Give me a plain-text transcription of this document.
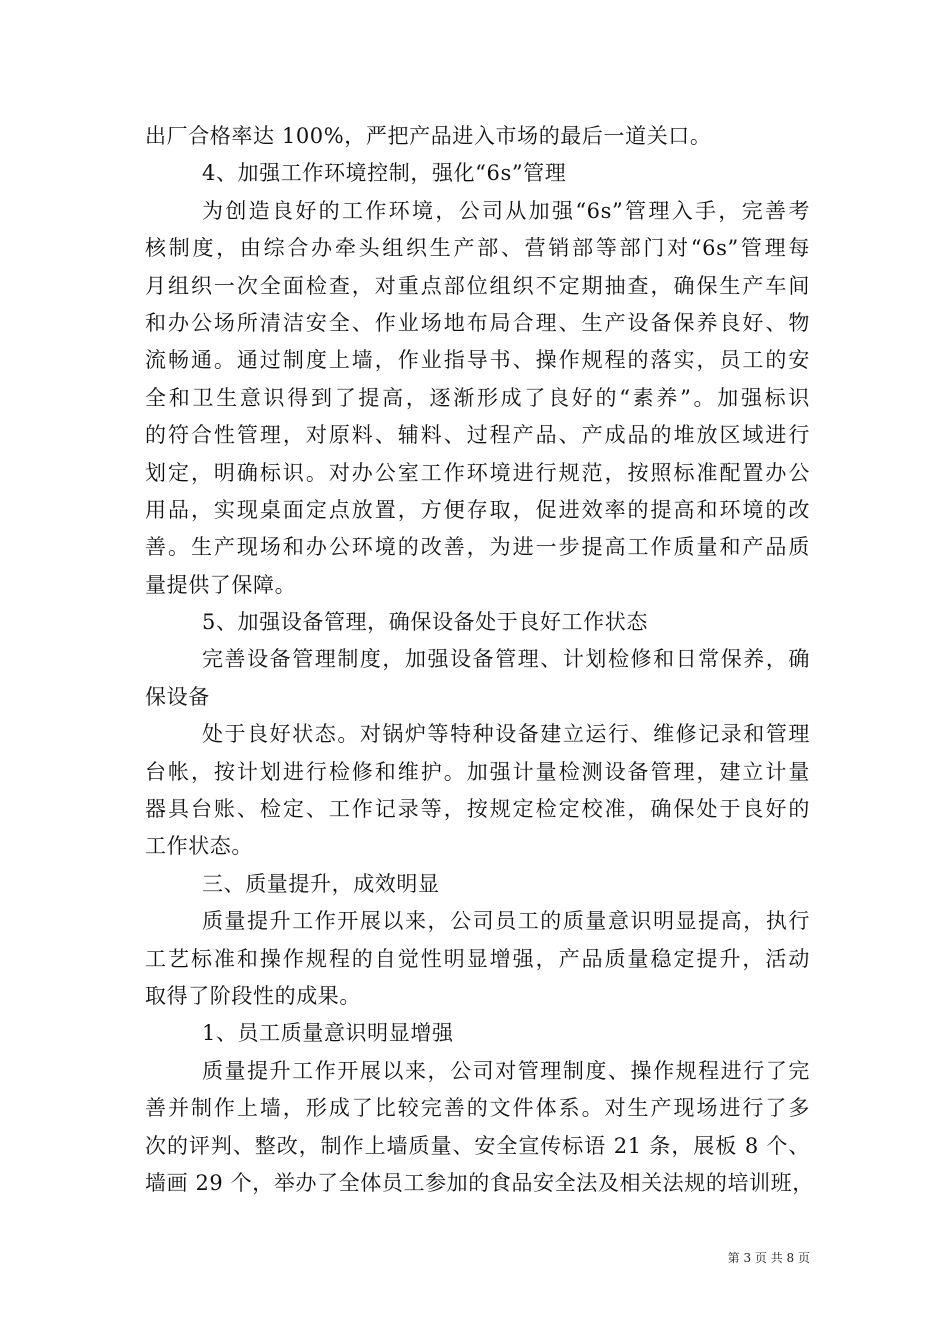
出厂合格率达 100%，严把产品进入市场的最后一道关口。
4、加强工作环境控制，强化“6s”管理
为创造良好的工作环境，公司从加强“6s”管理入手，完善考
核制度，由综合办牵头组织生产部、营销部等部门对“6s”管理每
月组织一次全面检查，对重点部位组织不定期抽查，确保生产车间
和办公场所清洁安全、作业场地布局合理、生产设备保养良好、物
流畅通。通过制度上墙，作业指导书、操作规程的落实，员工的安
全和卫生意识得到了提高，逐渐形成了良好的“素养”。加强标识
的符合性管理，对原料、辅料、过程产品、产成品的堆放区域进行
划定，明确标识。对办公室工作环境进行规范，按照标准配置办公
用品，实现桌面定点放置，方便存取，促进效率的提高和环境的改
善。生产现场和办公环境的改善，为进一步提高工作质量和产品质
量提供了保障。
5、加强设备管理，确保设备处于良好工作状态
完善设备管理制度，加强设备管理、计划检修和日常保养，确
保设备
处于良好状态。对锅炉等特种设备建立运行、维修记录和管理
台帐，按计划进行检修和维护。加强计量检测设备管理，建立计量
器具台账、检定、工作记录等，按规定检定校准，确保处于良好的
工作状态。
三、质量提升，成效明显
质量提升工作开展以来，公司员工的质量意识明显提高，执行
工艺标准和操作规程的自觉性明显增强，产品质量稳定提升，活动
取得了阶段性的成果。
1、员工质量意识明显增强
质量提升工作开展以来，公司对管理制度、操作规程进行了完
善并制作上墙，形成了比较完善的文件体系。对生产现场进行了多
次的评判、整改，制作上墙质量、安全宣传标语 21 条，展板 8 个、
墙画 29 个，举办了全体员工参加的食品安全法及相关法规的培训班，
第 3 页 共 8 页
